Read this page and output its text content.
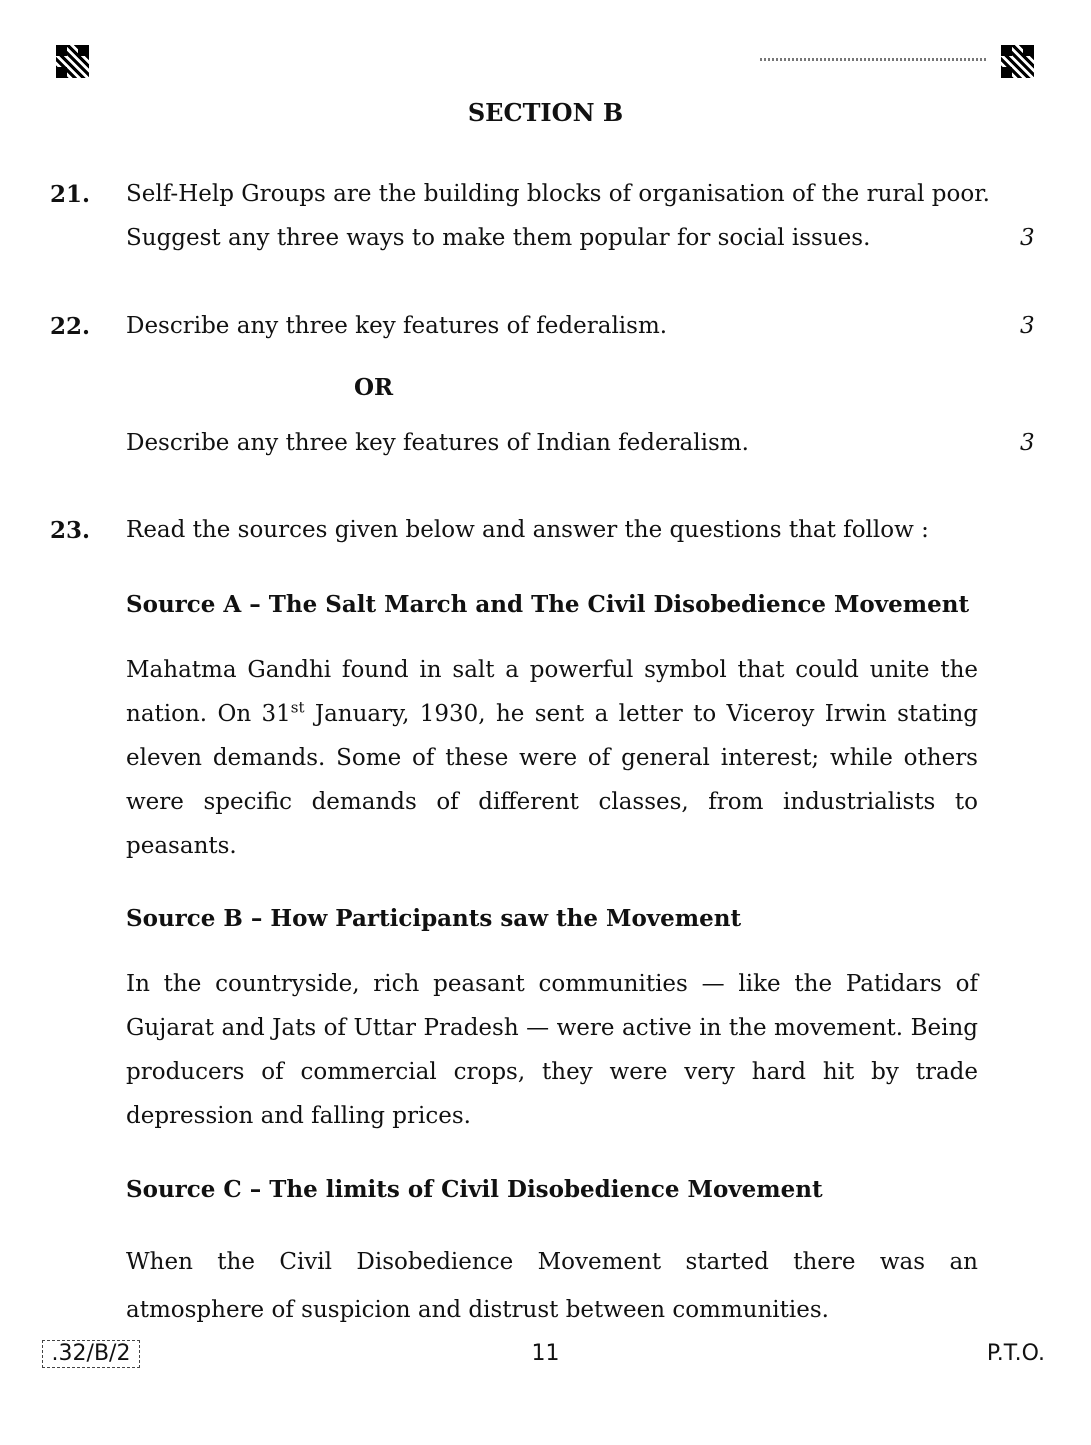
SECTION B
21. Self-Help Groups are the building blocks of organisation of the rural poor.
Suggest any three ways to make them popular for social issues.	3
22. Describe any three key features of federalism.	3
OR
Describe any three key features of Indian federalism.	3
23. Read the sources given below and answer the questions that follow :
Source A – The Salt March and The Civil Disobedience Movement

Mahatma Gandhi found in salt a powerful symbol that could unite the nation. On 31st January, 1930, he sent a letter to Viceroy Irwin stating eleven demands. Some of these were of general interest; while others were specific demands of different classes, from industrialists to peasants.

Source B – How Participants saw the Movement

In the countryside, rich peasant communities — like the Patidars of Gujarat and Jats of Uttar Pradesh — were active in the movement. Being producers of commercial crops, they were very hard hit by trade depression and falling prices.

Source C – The limits of Civil Disobedience Movement

When the Civil Disobedience Movement started there was an atmosphere of suspicion and distrust between communities.

.32/B/2	11	P.T.O.
